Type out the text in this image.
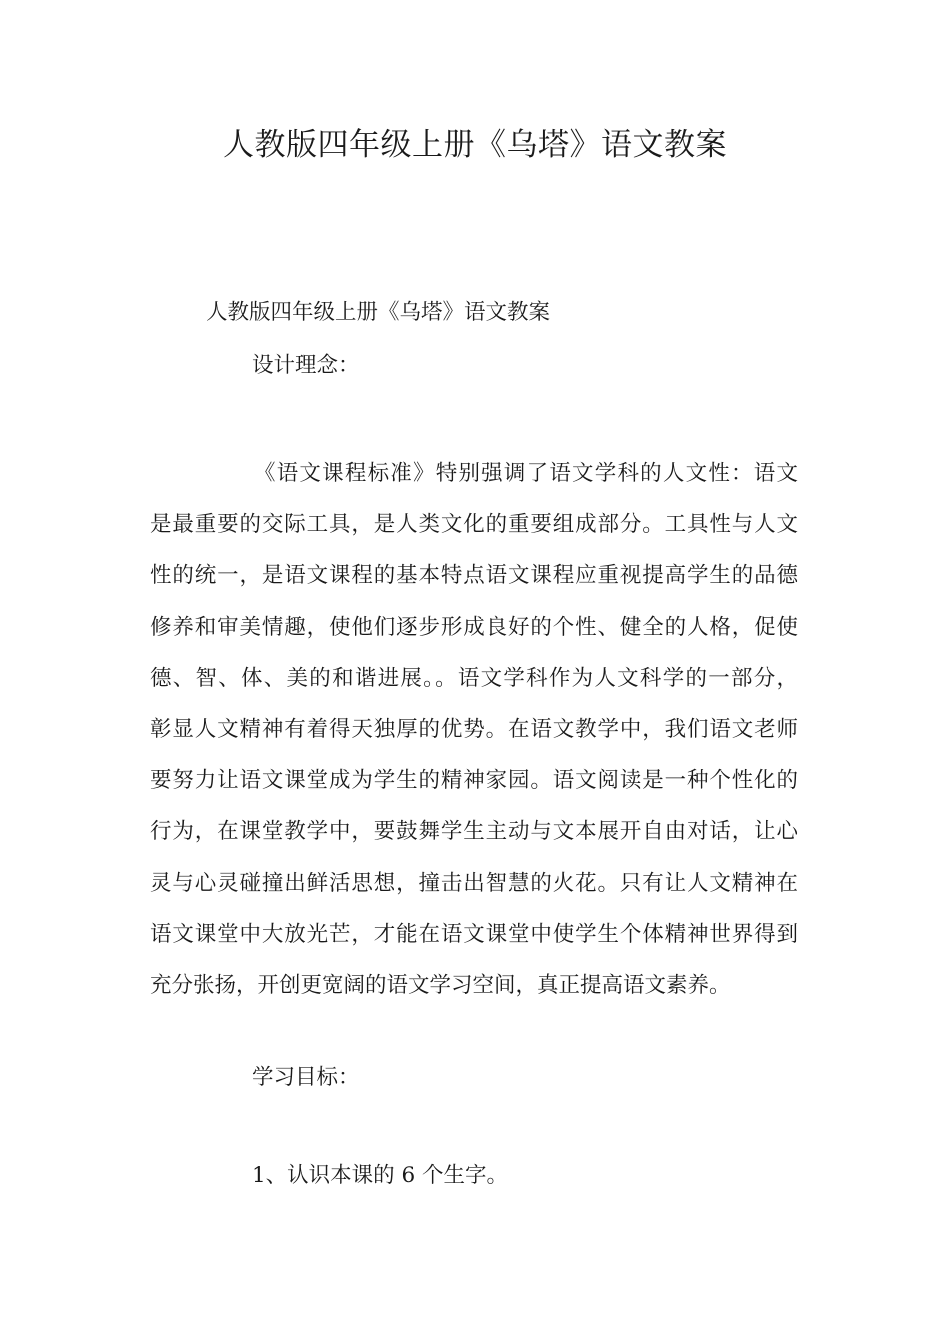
人教版四年级上册《乌塔》语文教案
人教版四年级上册《乌塔》语文教案
设计理念：
《语文课程标准》特别强调了语文学科的人文性：语文
是最重要的交际工具，是人类文化的重要组成部分。工具性与人文
性的统一，是语文课程的基本特点语文课程应重视提高学生的品德
修养和审美情趣，使他们逐步形成良好的个性、健全的人格，促使
德、智、体、美的和谐进展。。语文学科作为人文科学的一部分，
彰显人文精神有着得天独厚的优势。在语文教学中，我们语文老师
要努力让语文课堂成为学生的精神家园。语文阅读是一种个性化的
行为，在课堂教学中，要鼓舞学生主动与文本展开自由对话，让心
灵与心灵碰撞出鲜活思想，撞击出智慧的火花。只有让人文精神在
语文课堂中大放光芒，才能在语文课堂中使学生个体精神世界得到
充分张扬，开创更宽阔的语文学习空间，真正提高语文素养。
学习目标：
1、认识本课的 6 个生字。
